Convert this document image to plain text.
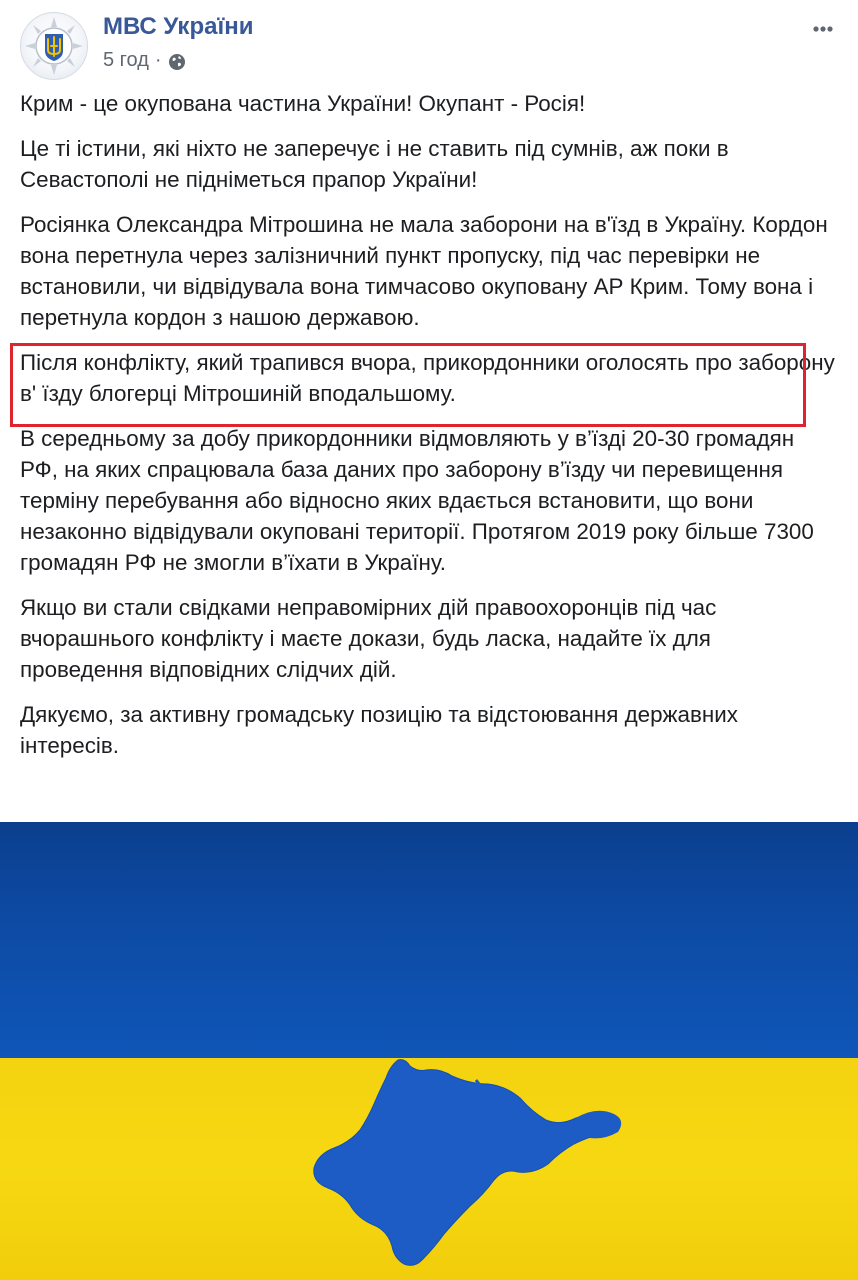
МВС України
5 год ·

Крим - це окупована частина України! Окупант - Росія!

Це ті істини, які ніхто не заперечує і не ставить під сумнів, аж поки в Севастополі не підніметься прапор України!

Росіянка Олександра Мітрошина не мала заборони на в'їзд в Україну. Кордон вона перетнула через залізничний пункт пропуску, під час перевірки не встановили, чи відвідувала вона тимчасово окуповану АР Крим. Тому вона і перетнула кордон з нашою державою.

Після конфлікту, який трапився вчора, прикордонники оголосять про заборону в' їзду блогерці Мітрошиній вподальшому.

В середньому за добу прикордонники відмовляють у в’їзді 20-30 громадян РФ, на яких спрацювала база даних про заборону в’їзду чи перевищення терміну перебування або відносно яких вдається встановити, що вони незаконно відвідували окуповані території. Протягом 2019 року більше 7300 громадян РФ не змогли в’їхати в Україну.

Якщо ви стали свідками неправомірних дій правоохоронців під час вчорашнього конфлікту і маєте докази, будь ласка, надайте їх для проведення відповідних слідчих дій.

Дякуємо, за активну громадську позицію та відстоювання державних інтересів.
